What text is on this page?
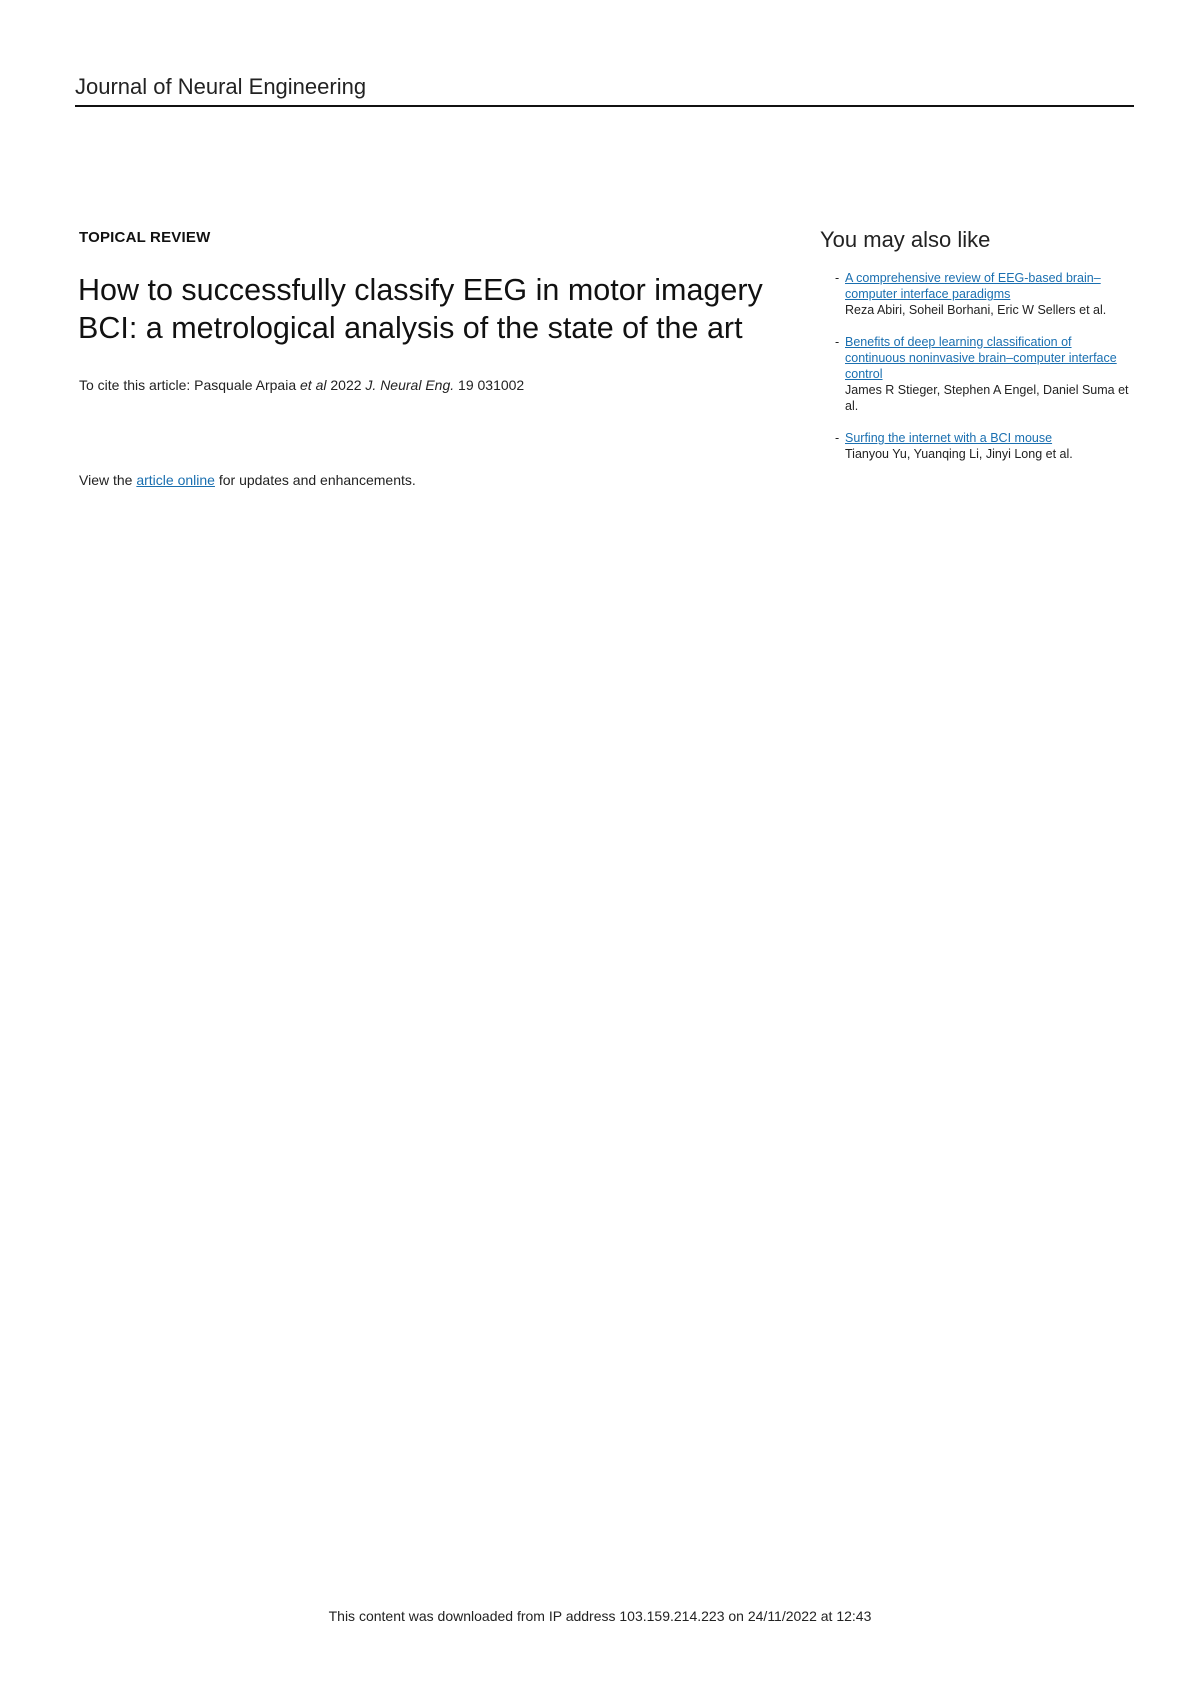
Journal of Neural Engineering
TOPICAL REVIEW
How to successfully classify EEG in motor imagery BCI: a metrological analysis of the state of the art
To cite this article: Pasquale Arpaia et al 2022 J. Neural Eng. 19 031002
View the article online for updates and enhancements.
You may also like
- A comprehensive review of EEG-based brain–computer interface paradigms
Reza Abiri, Soheil Borhani, Eric W Sellers et al.
- Benefits of deep learning classification of continuous noninvasive brain–computer interface control
James R Stieger, Stephen A Engel, Daniel Suma et al.
- Surfing the internet with a BCI mouse
Tianyou Yu, Yuanqing Li, Jinyi Long et al.
This content was downloaded from IP address 103.159.214.223 on 24/11/2022 at 12:43
